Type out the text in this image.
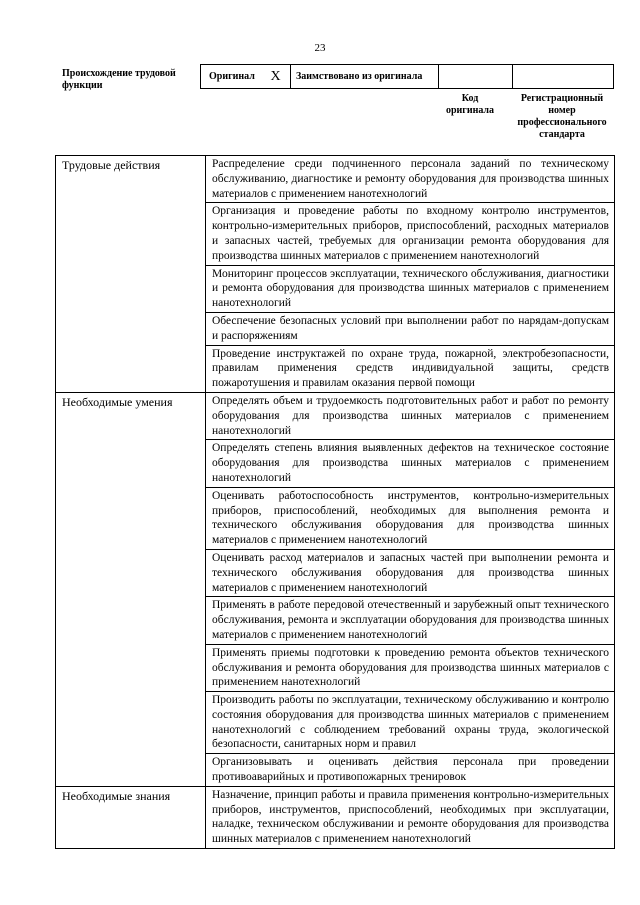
23
Происхождение трудовой функции
Оригинал	X	Заимствовано из оригинала
Код оригинала
Регистрационный номер профессионального стандарта
Трудовые действия	Распределение среди подчиненного персонала заданий по техническому обслуживанию, диагностике и ремонту оборудования для производства шинных материалов с применением нанотехнологий
	Организация и проведение работы по входному контролю инструментов, контрольно-измерительных приборов, приспособлений, расходных материалов и запасных частей, требуемых для организации ремонта оборудования для производства шинных материалов с применением нанотехнологий
	Мониторинг процессов эксплуатации, технического обслуживания, диагностики и ремонта оборудования для производства шинных материалов с применением нанотехнологий
	Обеспечение безопасных условий при выполнении работ по нарядам-допускам и распоряжениям
	Проведение инструктажей по охране труда, пожарной, электробезопасности, правилам применения средств индивидуальной защиты, средств пожаротушения и правилам оказания первой помощи
Необходимые умения	Определять объем и трудоемкость подготовительных работ и работ по ремонту оборудования для производства шинных материалов с применением нанотехнологий
	Определять степень влияния выявленных дефектов на техническое состояние оборудования для производства шинных материалов с применением нанотехнологий
	Оценивать работоспособность инструментов, контрольно-измерительных приборов, приспособлений, необходимых для выполнения ремонта и технического обслуживания оборудования для производства шинных материалов с применением нанотехнологий
	Оценивать расход материалов и запасных частей при выполнении ремонта и технического обслуживания оборудования для производства шинных материалов с применением нанотехнологий
	Применять в работе передовой отечественный и зарубежный опыт технического обслуживания, ремонта и эксплуатации оборудования для производства шинных материалов с применением нанотехнологий
	Применять приемы подготовки к проведению ремонта объектов технического обслуживания и ремонта оборудования для производства шинных материалов с применением нанотехнологий
	Производить работы по эксплуатации, техническому обслуживанию и контролю состояния оборудования для производства шинных материалов с применением нанотехнологий с соблюдением требований охраны труда, экологической безопасности, санитарных норм и правил
	Организовывать и оценивать действия персонала при проведении противоаварийных и противопожарных тренировок
Необходимые знания	Назначение, принцип работы и правила применения контрольно-измерительных приборов, инструментов, приспособлений, необходимых при эксплуатации, наладке, техническом обслуживании и ремонте оборудования для производства шинных материалов с применением нанотехнологий
